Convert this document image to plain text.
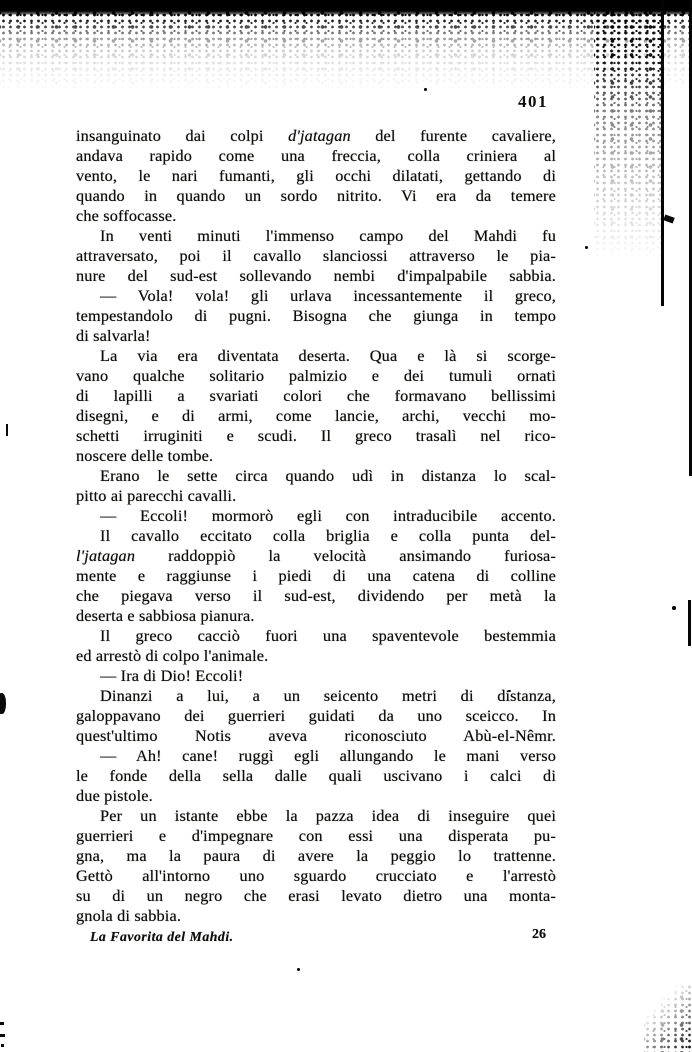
401
insanguinato dai colpi d'jatagan del furente cavaliere,
andava rapido come una freccia, colla criniera al
vento, le nari fumanti, gli occhi dilatati, gettando di
quando in quando un sordo nitrito. Vi era da temere
che soffocasse.
In venti minuti l'immenso campo del Mahdi fu
attraversato, poi il cavallo slanciossi attraverso le pia-
nure del sud-est sollevando nembi d'impalpabile sabbia.
— Vola! vola! gli urlava incessantemente il greco,
tempestandolo di pugni. Bisogna che giunga in tempo
di salvarla!
La via era diventata deserta. Qua e là si scorge-
vano qualche solitario palmizio e dei tumuli ornati
di lapilli a svariati colori che formavano bellissimi
disegni, e di armi, come lancie, archi, vecchi mo-
schetti irruginiti e scudi. Il greco trasalì nel rico-
noscere delle tombe.
Erano le sette circa quando udì in distanza lo scal-
pitto ai parecchi cavalli.
— Eccoli! mormorò egli con intraducibile accento.
Il cavallo eccitato colla briglia e colla punta del-
l'jatagan raddoppiò la velocità ansimando furiosa-
mente e raggiunse i piedi di una catena di colline
che piegava verso il sud-est, dividendo per metà la
deserta e sabbiosa pianura.
Il greco cacciò fuori una spaventevole bestemmia
ed arrestò di colpo l'animale.
— Ira di Dio! Eccoli!
Dinanzi a lui, a un seicento metri di distanza,
galoppavano dei guerrieri guidati da uno sceicco. In
quest'ultimo Notis aveva riconosciuto Abù-el-Nêmr.
— Ah! cane! ruggì egli allungando le mani verso
le fonde della sella dalle quali uscivano i calci di
due pistole.
Per un istante ebbe la pazza idea di inseguire quei
guerrieri e d'impegnare con essi una disperata pu-
gna, ma la paura di avere la peggio lo trattenne.
Gettò all'intorno uno sguardo crucciato e l'arrestò
su di un negro che erasi levato dietro una monta-
gnola di sabbia.
La Favorita del Mahdi.	26
